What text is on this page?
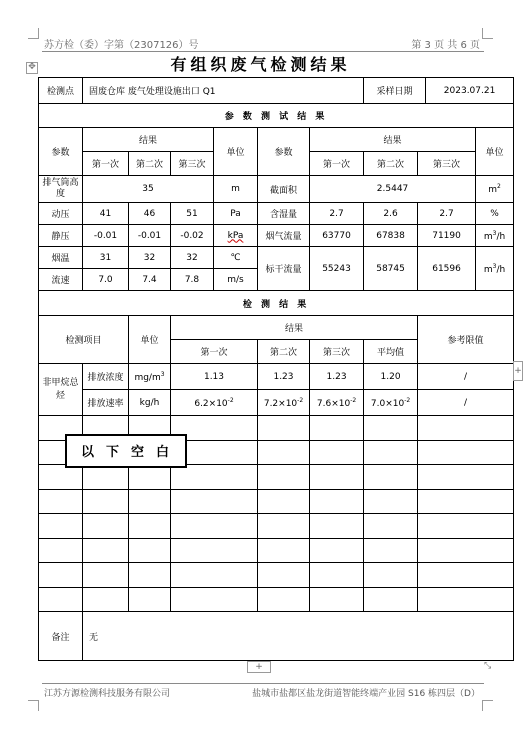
苏方检（委）字第（2307126）号	第 3 页 共 6 页
✥	有组织废气检测结果
检测点	固废仓库 废气处理设施出口 Q1						采样日期		2023.07.21	
参 数 测 试 结 果										
参数	结果			单位	参数	结果				单位
	第一次	第二次	第三次			第一次	第二次	第三次		
排气筒高度	35			m	截面积	2.5447				$m^2$
动压	41	46	51	Pa	含湿量	2.7	2.6	2.7		%
静压	-0.01	-0.01	-0.02	kPa	烟气流量	63770	67838	71190		$m^3/h$
烟温	31	32	32	℃	标干流量	55243	58745	61596		$m^3/h$
流速	7.0	7.4	7.8	m/s						
检 测 结 果										
检测项目		单位	结果					参考限值		
			第一次		第二次	第三次	平均值			
非甲烷总烃	排放浓度	$mg/m^3$	1.13		1.23	1.23	1.20	/		
	排放速率	kg/h	$6.2\times 10^{-2}$		$7.2\times 10^{-2}$	$7.6\times 10^{-2}$	$7.0\times 10^{-2}$	/		

备注	无									
以下空白
+
+	⤡
江苏方源检测科技服务有限公司	盐城市盐都区盐龙街道智能终端产业园 S16 栋四层（D）
